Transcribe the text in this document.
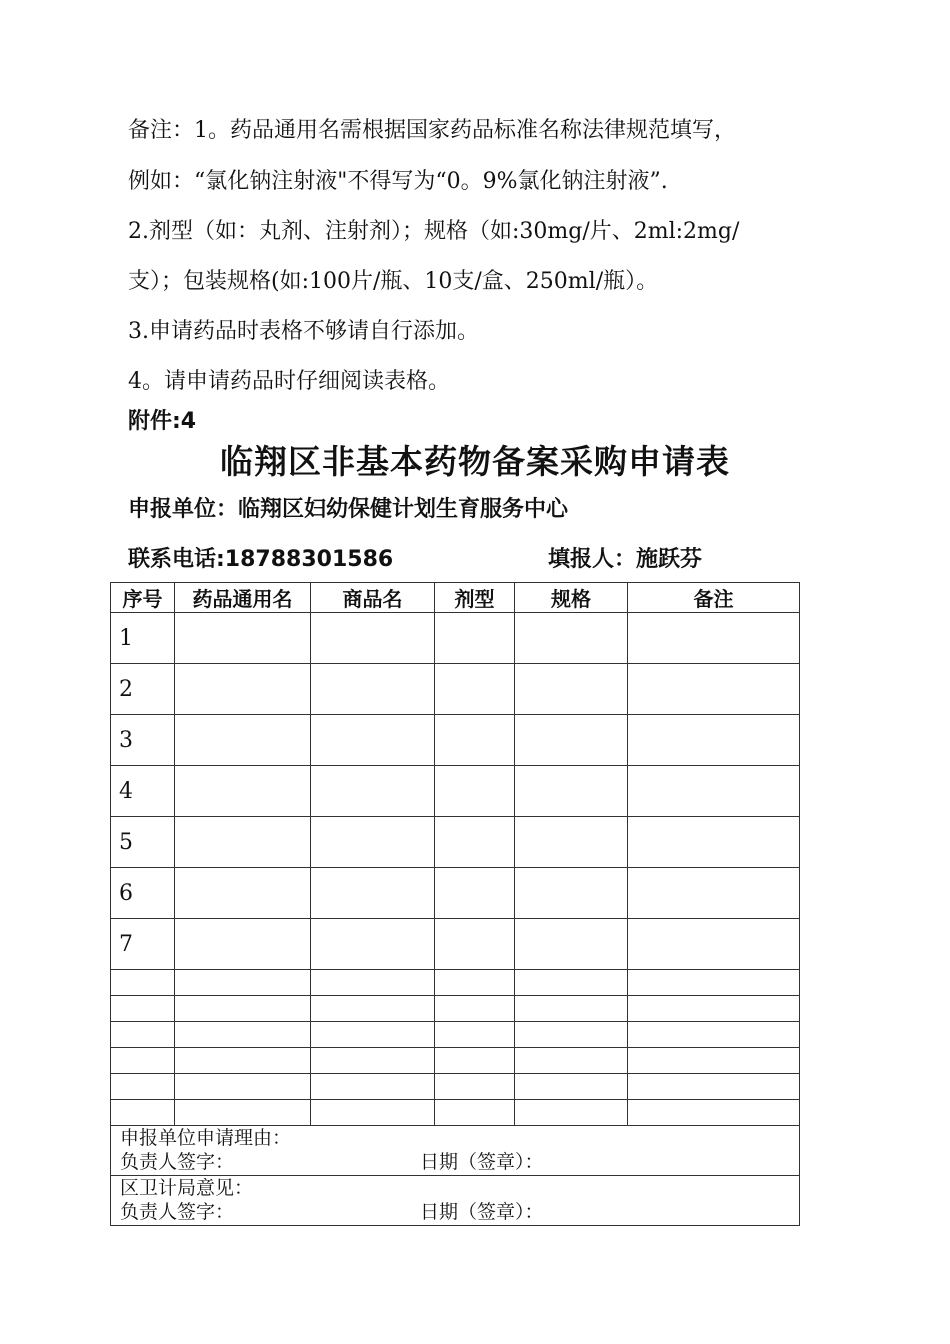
备注：1。药品通用名需根据国家药品标准名称法律规范填写，
例如：“氯化钠注射液"不得写为“0。9%氯化钠注射液”.
2.剂型（如：丸剂、注射剂）；规格（如:30mg/片、2ml:2mg/
支）；包装规格(如:100片/瓶、10支/盒、250ml/瓶）。
3.申请药品时表格不够请自行添加。
4。请申请药品时仔细阅读表格。
附件:4
临翔区非基本药物备案采购申请表
申报单位：临翔区妇幼保健计划生育服务中心
联系电话:18788301586	填报人：施跃芬
序号	药品通用名	商品名	剂型	规格	备注
1					
2					
3					
4					
5					
6					
7					

申报单位申请理由：
负责人签字： 日期（签章）：					

区卫计局意见：
负责人签字： 日期（签章）：					
